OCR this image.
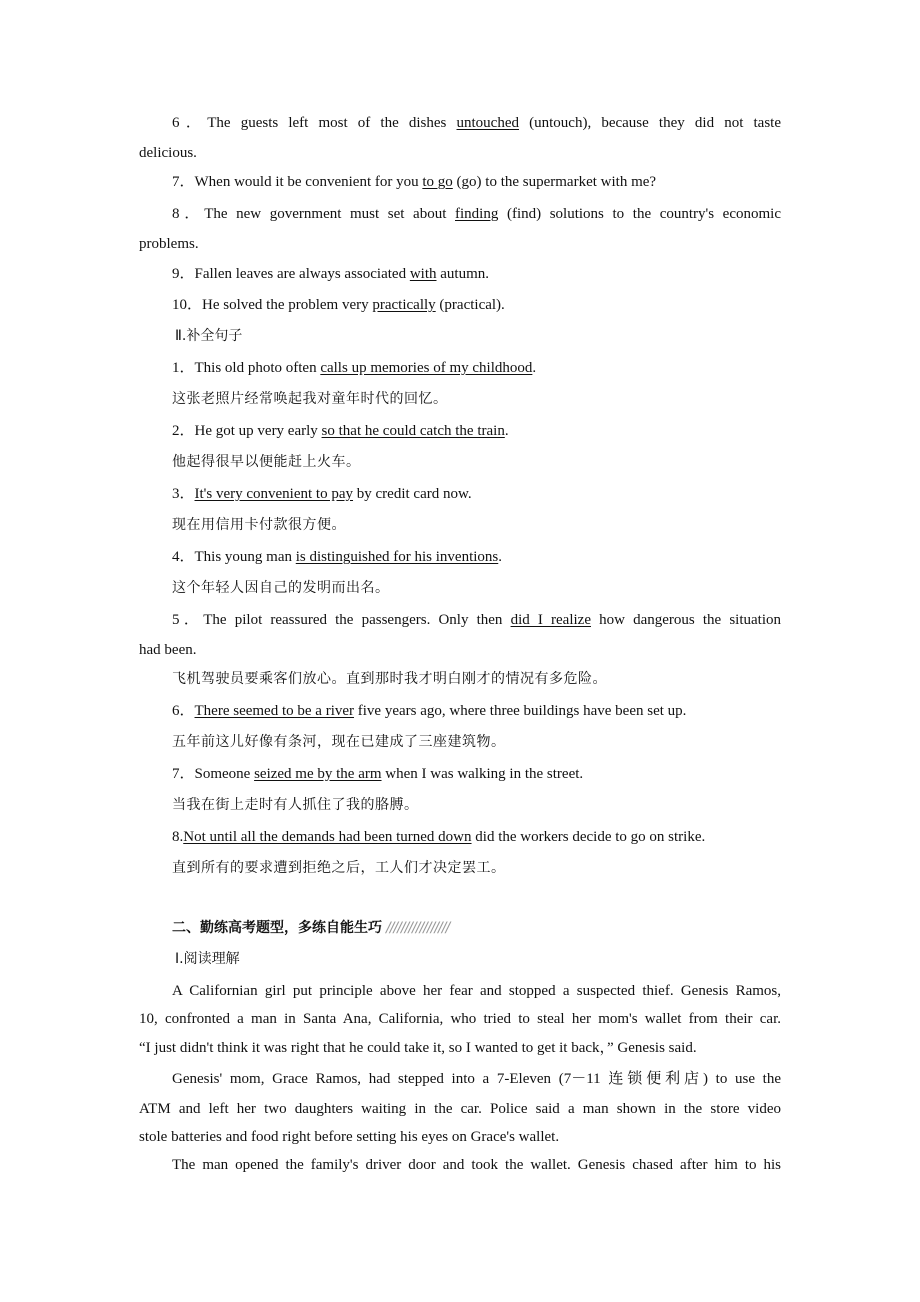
6．The guests left most of the dishes untouched (untouch), because they did not taste
delicious.
7．When would it be convenient for you to go (go) to the supermarket with me?
8．The new government must set about finding (find) solutions to the country's economic
problems.
9．Fallen leaves are always associated with autumn.
10．He solved the problem very practically (practical).
Ⅱ.补全句子
1．This old photo often calls up memories of my childhood.
这张老照片经常唤起我对童年时代的回忆。
2．He got up very early so that he could catch the train.
他起得很早以便能赶上火车。
3．It's very convenient to pay by credit card now.
现在用信用卡付款很方便。
4．This young man is distinguished for his inventions.
这个年轻人因自己的发明而出名。
5．The pilot reassured the passengers. Only then did I realize how dangerous the situation
had been.
飞机驾驶员要乘客们放心。直到那时我才明白刚才的情况有多危险。
6．There seemed to be a river five years ago, where three buildings have been set up.
五年前这儿好像有条河，现在已建成了三座建筑物。
7．Someone seized me by the arm when I was walking in the street.
当我在街上走时有人抓住了我的胳膊。
8.Not until all the demands had been turned down did the workers decide to go on strike.
直到所有的要求遭到拒绝之后，工人们才决定罢工。
二、勤练高考题型，多练自能生巧 /////////////////
Ⅰ.阅读理解
A Californian girl put principle above her fear and stopped a suspected thief. Genesis Ramos,
10, confronted a man in Santa Ana, California, who tried to steal her mom's wallet from their car.
“I just didn't think it was right that he could take it, so I wanted to get it back，” Genesis said.
Genesis' mom, Grace Ramos, had stepped into a 7-Eleven (7－11 连锁便利店) to use the
ATM and left her two daughters waiting in the car. Police said a man shown in the store video
stole batteries and food right before setting his eyes on Grace's wallet.
The man opened the family's driver door and took the wallet. Genesis chased after him to his
